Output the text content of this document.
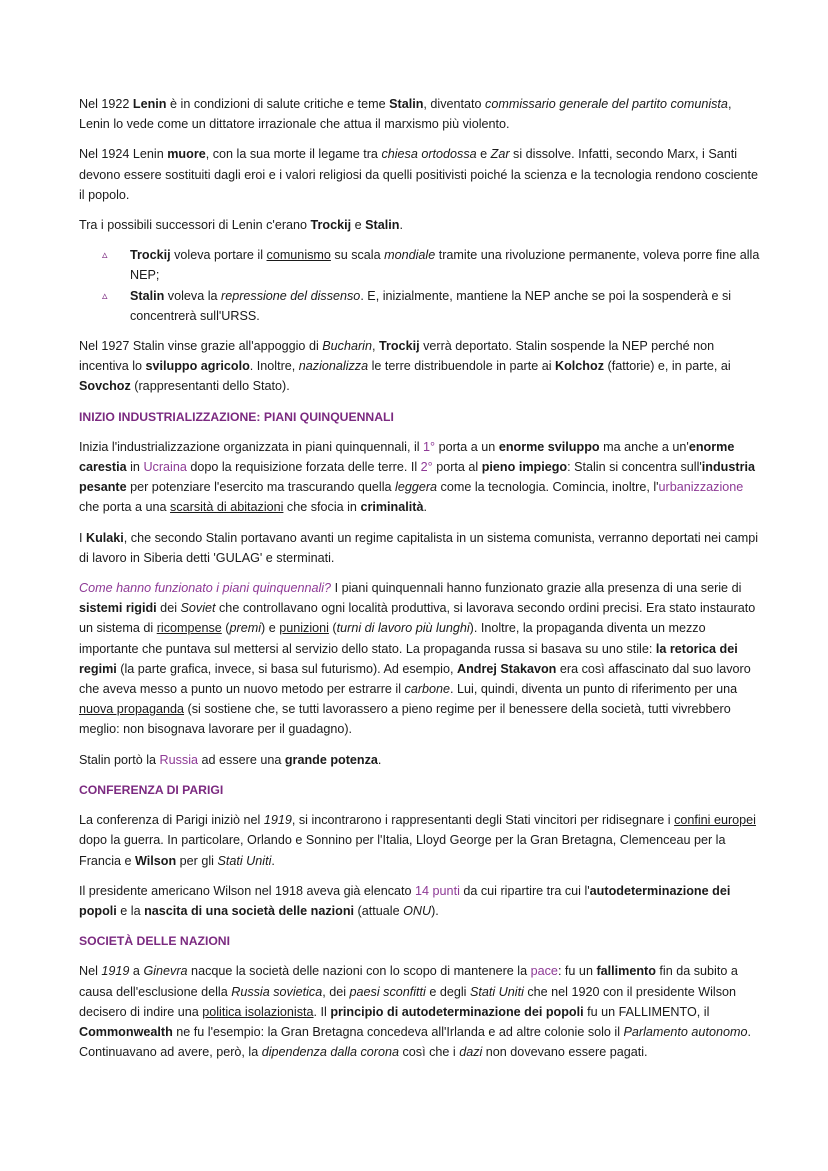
Nel 1922 Lenin è in condizioni di salute critiche e teme Stalin, diventato commissario generale del partito comunista, Lenin lo vede come un dittatore irrazionale che attua il marxismo più violento.

Nel 1924 Lenin muore, con la sua morte il legame tra chiesa ortodossa e Zar si dissolve. Infatti, secondo Marx, i Santi devono essere sostituiti dagli eroi e i valori religiosi da quelli positivisti poiché la scienza e la tecnologia rendono cosciente il popolo.

Tra i possibili successori di Lenin c'erano Trockij e Stalin.

▵ Trockij voleva portare il comunismo su scala mondiale tramite una rivoluzione permanente, voleva porre fine alla NEP;
▵ Stalin voleva la repressione del dissenso. E, inizialmente, mantiene la NEP anche se poi la sospenderà e si concentrerà sull'URSS.

Nel 1927 Stalin vinse grazie all'appoggio di Bucharin, Trockij verrà deportato. Stalin sospende la NEP perché non incentiva lo sviluppo agricolo. Inoltre, nazionalizza le terre distribuendole in parte ai Kolchoz (fattorie) e, in parte, ai Sovchoz (rappresentanti dello Stato).

INIZIO INDUSTRIALIZZAZIONE: PIANI QUINQUENNALI

Inizia l'industrializzazione organizzata in piani quinquennali, il 1° porta a un enorme sviluppo ma anche a un'enorme carestia in Ucraina dopo la requisizione forzata delle terre. Il 2° porta al pieno impiego: Stalin si concentra sull'industria pesante per potenziare l'esercito ma trascurando quella leggera come la tecnologia. Comincia, inoltre, l'urbanizzazione che porta a una scarsità di abitazioni che sfocia in criminalità.

I Kulaki, che secondo Stalin portavano avanti un regime capitalista in un sistema comunista, verranno deportati nei campi di lavoro in Siberia detti 'GULAG' e sterminati.

Come hanno funzionato i piani quinquennali? I piani quinquennali hanno funzionato grazie alla presenza di una serie di sistemi rigidi dei Soviet che controllavano ogni località produttiva, si lavorava secondo ordini precisi. Era stato instaurato un sistema di ricompense (premi) e punizioni (turni di lavoro più lunghi). Inoltre, la propaganda diventa un mezzo importante che puntava sul mettersi al servizio dello stato. La propaganda russa si basava su uno stile: la retorica dei regimi (la parte grafica, invece, si basa sul futurismo). Ad esempio, Andrej Stakavon era così affascinato dal suo lavoro che aveva messo a punto un nuovo metodo per estrarre il carbone. Lui, quindi, diventa un punto di riferimento per una nuova propaganda (si sostiene che, se tutti lavorassero a pieno regime per il benessere della società, tutti vivrebbero meglio: non bisognava lavorare per il guadagno).

Stalin portò la Russia ad essere una grande potenza.

CONFERENZA DI PARIGI

La conferenza di Parigi iniziò nel 1919, si incontrarono i rappresentanti degli Stati vincitori per ridisegnare i confini europei dopo la guerra. In particolare, Orlando e Sonnino per l'Italia, Lloyd George per la Gran Bretagna, Clemenceau per la Francia e Wilson per gli Stati Uniti.

Il presidente americano Wilson nel 1918 aveva già elencato 14 punti da cui ripartire tra cui l'autodeterminazione dei popoli e la nascita di una società delle nazioni (attuale ONU).

SOCIETÀ DELLE NAZIONI

Nel 1919 a Ginevra nacque la società delle nazioni con lo scopo di mantenere la pace: fu un fallimento fin da subito a causa dell'esclusione della Russia sovietica, dei paesi sconfitti e degli Stati Uniti che nel 1920 con il presidente Wilson decisero di indire una politica isolazionista. Il principio di autodeterminazione dei popoli fu un FALLIMENTO, il Commonwealth ne fu l'esempio: la Gran Bretagna concedeva all'Irlanda e ad altre colonie solo il Parlamento autonomo. Continuavano ad avere, però, la dipendenza dalla corona così che i dazi non dovevano essere pagati.
